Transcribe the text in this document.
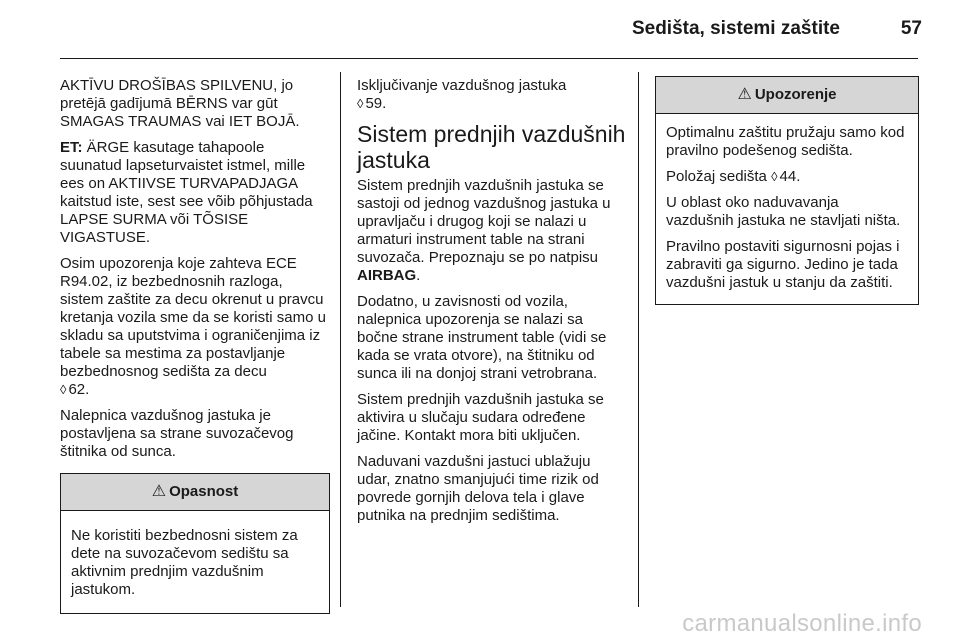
Sedišta, sistemi zaštite	57

AKTĪVU DROŠĪBAS SPILVENU, jo pretējā gadījumā BĒRNS var gūt SMAGAS TRAUMAS vai IET BOJĀ.

ET: ÄRGE kasutage tahapoole suunatud lapseturvaistet istmel, mille ees on AKTIIVSE TURVAPADJAGA kaitstud iste, sest see võib põhjustada LAPSE SURMA või TÕSISE VIGASTUSE.

Osim upozorenja koje zahteva ECE R94.02, iz bezbednosnih razloga, sistem zaštite za decu okrenut u pravcu kretanja vozila sme da se koristi samo u skladu sa uputstvima i ograničenjima iz tabele sa mestima za postavljanje bezbednosnog sedišta za decu
◊ 62.

Nalepnica vazdušnog jastuka je postavljena sa strane suvozačevog štitnika od sunca.

⚠ Opasnost

Ne koristiti bezbednosni sistem za dete na suvozačevom sedištu sa aktivnim prednjim vazdušnim jastukom.

Isključivanje vazdušnog jastuka
◊ 59.

Sistem prednjih vazdušnih jastuka

Sistem prednjih vazdušnih jastuka se sastoji od jednog vazdušnog jastuka u upravljaču i drugog koji se nalazi u armaturi instrument table na strani suvozača. Prepoznaju se po natpisu AIRBAG.

Dodatno, u zavisnosti od vozila, nalepnica upozorenja se nalazi sa bočne strane instrument table (vidi se kada se vrata otvore), na štitniku od sunca ili na donjoj strani vetrobrana.

Sistem prednjih vazdušnih jastuka se aktivira u slučaju sudara određene jačine. Kontakt mora biti uključen.

Naduvani vazdušni jastuci ublažuju udar, znatno smanjujući time rizik od povrede gornjih delova tela i glave putnika na prednjim sedištima.

⚠ Upozorenje

Optimalnu zaštitu pružaju samo kod pravilno podešenog sedišta.

Položaj sedišta ◊ 44.

U oblast oko naduvavanja vazdušnih jastuka ne stavljati ništa.

Pravilno postaviti sigurnosni pojas i zabraviti ga sigurno. Jedino je tada vazdušni jastuk u stanju da zaštiti.

carmanualsonline.info
